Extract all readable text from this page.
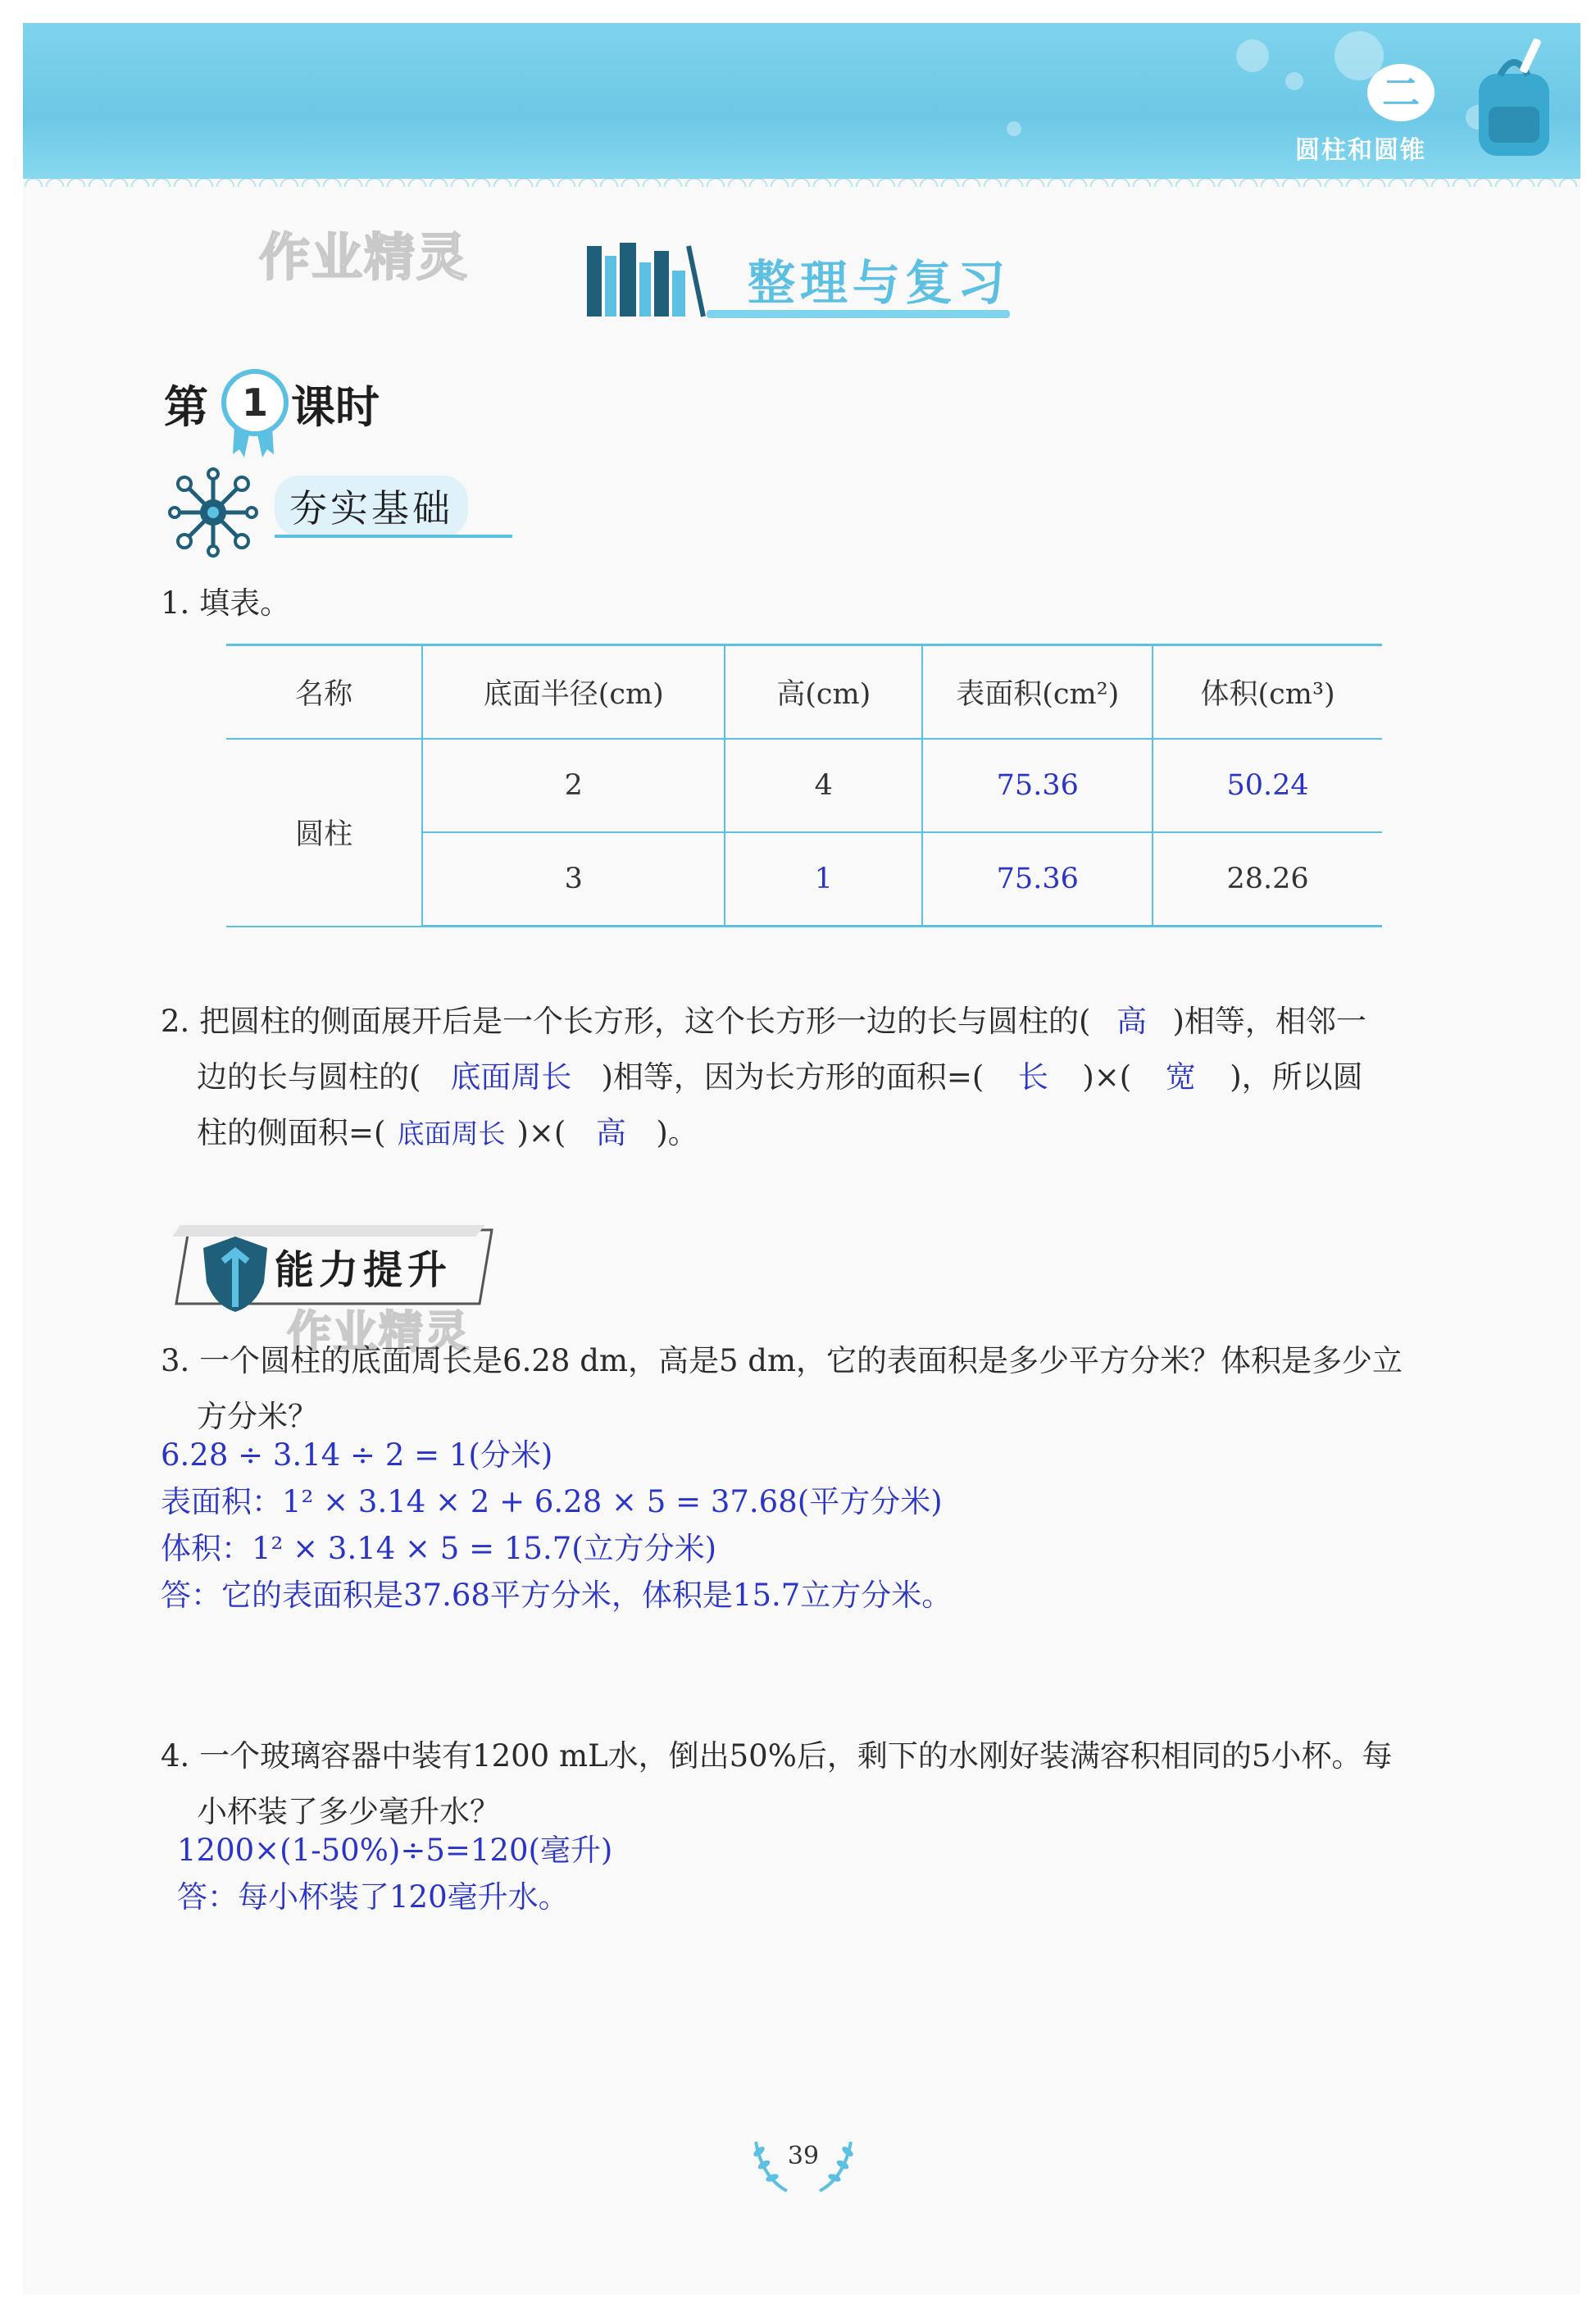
二
圆柱和圆锥
作业精灵
作业精灵
整理与复习
第 1 课时
夯实基础
1. 填表。
名称	底面半径(cm)	高(cm)	表面积(cm²)	体积(cm³)
圆柱	2	4	75.36	50.24
	3	1	75.36	28.26
2. 把圆柱的侧面展开后是一个长方形，这个长方形一边的长与圆柱的( 高 )相等，相邻一
边的长与圆柱的( 底面周长 )相等，因为长方形的面积=( 长 )×( 宽 )，所以圆
柱的侧面积=( 底面周长 )×( 高 )。
能力提升
3. 一个圆柱的底面周长是6.28 dm，高是5 dm，它的表面积是多少平方分米？体积是多少立
方分米？
6.28 ÷ 3.14 ÷ 2 = 1(分米)
表面积：1² × 3.14 × 2 + 6.28 × 5 = 37.68(平方分米)
体积：1² × 3.14 × 5 = 15.7(立方分米)
答：它的表面积是37.68平方分米，体积是15.7立方分米。
4. 一个玻璃容器中装有1200 mL水，倒出50%后，剩下的水刚好装满容积相同的5小杯。每
小杯装了多少毫升水？
1200×(1-50%)÷5=120(毫升)
答：每小杯装了120毫升水。
39
